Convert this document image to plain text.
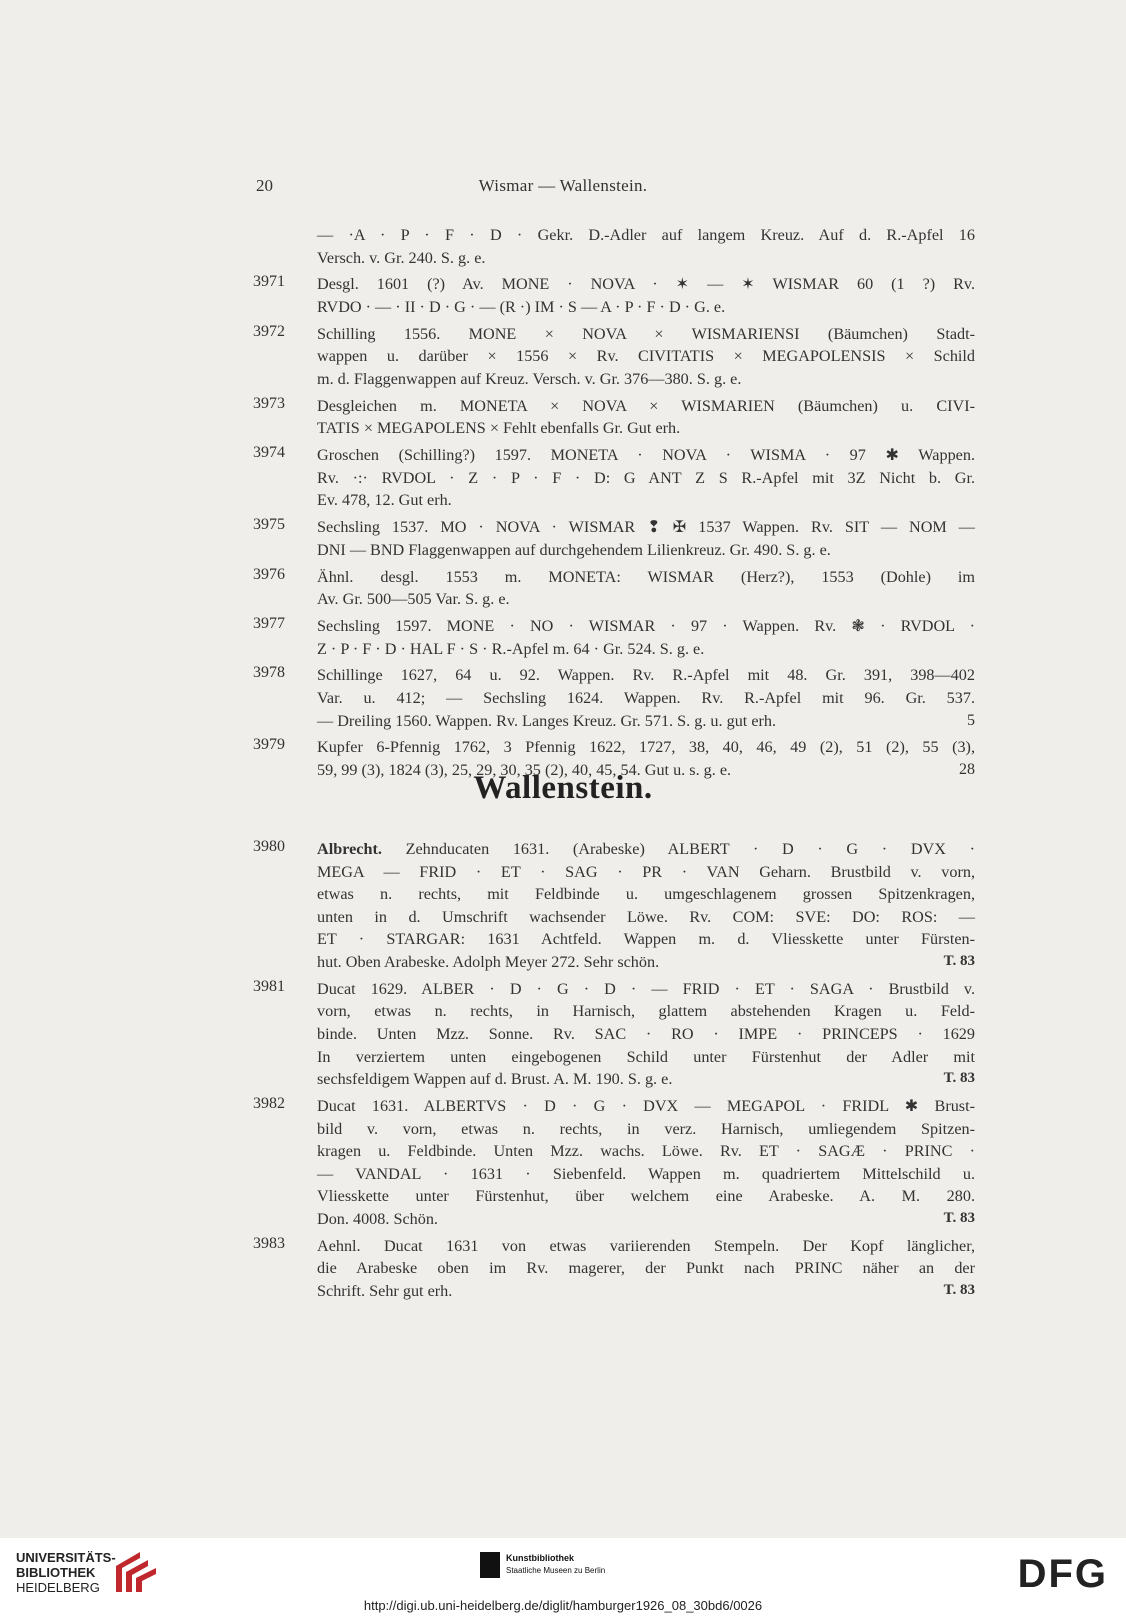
20	Wismar — Wallenstein.
— ·A · P · F · D · Gekr. D.-Adler auf langem Kreuz. Auf d. R.-Apfel 16
Versch. v. Gr. 240. S. g. e.
3971 Desgl. 1601 (?) Av. MONE · NOVA · ✶ — ✶ WISMAR 60 (1 ?) Rv.
RVDO · — · II · D · G · — (R ·) IM · S — A · P · F · D · G. e.
3972 Schilling 1556. MONE × NOVA × WISMARIENSI (Bäumchen) Stadt-
wappen u. darüber × 1556 × Rv. CIVITATIS × MEGAPOLENSIS × Schild
m. d. Flaggenwappen auf Kreuz. Versch. v. Gr. 376—380. S. g. e.
3973 Desgleichen m. MONETA × NOVA × WISMARIEN (Bäumchen) u. CIVI-
TATIS × MEGAPOLENS × Fehlt ebenfalls Gr. Gut erh.
3974 Groschen (Schilling?) 1597. MONETA · NOVA · WISMA · 97 ✱ Wappen.
Rv. ·:· RVDOL · Z · P · F · D: G ANT Z S R.-Apfel mit 3Z Nicht b. Gr.
Ev. 478, 12. Gut erh.
3975 Sechsling 1537. MO · NOVA · WISMAR ❢ ✠ 1537 Wappen. Rv. SIT — NOM —
DNI — BND Flaggenwappen auf durchgehendem Lilienkreuz. Gr. 490. S. g. e.
3976 Ähnl. desgl. 1553 m. MONETA: WISMAR (Herz?), 1553 (Dohle) im
Av. Gr. 500—505 Var. S. g. e.
3977 Sechsling 1597. MONE · NO · WISMAR · 97 · Wappen. Rv. ❃ · RVDOL ·
Z · P · F · D · HAL F · S · R.-Apfel m. 64 · Gr. 524. S. g. e.
3978 Schillinge 1627, 64 u. 92. Wappen. Rv. R.-Apfel mit 48. Gr. 391, 398—402
Var. u. 412; — Sechsling 1624. Wappen. Rv. R.-Apfel mit 96. Gr. 537.
— Dreiling 1560. Wappen. Rv. Langes Kreuz. Gr. 571. S. g. u. gut erh.	5
3979 Kupfer 6-Pfennig 1762, 3 Pfennig 1622, 1727, 38, 40, 46, 49 (2), 51 (2), 55 (3),
59, 99 (3), 1824 (3), 25, 29, 30, 35 (2), 40, 45, 54. Gut u. s. g. e.	28
Wallenstein.
3980 Albrecht. Zehnducaten 1631. (Arabeske) ALBERT · D · G · DVX ·
MEGA — FRID · ET · SAG · PR · VAN Geharn. Brustbild v. vorn,
etwas n. rechts, mit Feldbinde u. umgeschlagenem grossen Spitzenkragen,
unten in d. Umschrift wachsender Löwe. Rv. COM: SVE: DO: ROS: —
ET · STARGAR: 1631 Achtfeld. Wappen m. d. Vliesskette unter Fürsten-
hut. Oben Arabeske. Adolph Meyer 272. Sehr schön.	T. 83
3981 Ducat 1629. ALBER · D · G · D · — FRID · ET · SAGA · Brustbild v.
vorn, etwas n. rechts, in Harnisch, glattem abstehenden Kragen u. Feld-
binde. Unten Mzz. Sonne. Rv. SAC · RO · IMPE · PRINCEPS · 1629
In verziertem unten eingebogenen Schild unter Fürstenhut der Adler mit
sechsfeldigem Wappen auf d. Brust. A. M. 190. S. g. e.	T. 83
3982 Ducat 1631. ALBERTVS · D · G · DVX — MEGAPOL · FRIDL ✱ Brust-
bild v. vorn, etwas n. rechts, in verz. Harnisch, umliegendem Spitzen-
kragen u. Feldbinde. Unten Mzz. wachs. Löwe. Rv. ET · SAGÆ · PRINC ·
— VANDAL · 1631 · Siebenfeld. Wappen m. quadriertem Mittelschild u.
Vliesskette unter Fürstenhut, über welchem eine Arabeske. A. M. 280.
Don. 4008. Schön.	T. 83
3983 Aehnl. Ducat 1631 von etwas variierenden Stempeln. Der Kopf länglicher,
die Arabeske oben im Rv. magerer, der Punkt nach PRINC näher an der
Schrift. Sehr gut erh.	T. 83
UNIVERSITÄTS-
BIBLIOTHEK
HEIDELBERG
Kunstbibliothek
Staatliche Museen zu Berlin	DFG
http://digi.ub.uni-heidelberg.de/diglit/hamburger1926_08_30bd6/0026
